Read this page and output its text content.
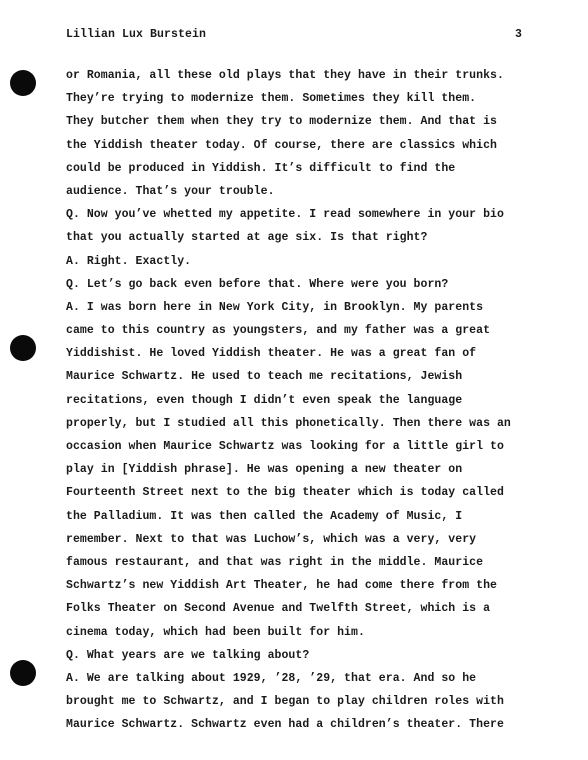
Lillian Lux Burstein	3
or Romania, all these old plays that they have in their trunks.
They’re trying to modernize them. Sometimes they kill them.
They butcher them when they try to modernize them. And that is
the Yiddish theater today. Of course, there are classics which
could be produced in Yiddish. It’s difficult to find the
audience. That’s your trouble.
Q. Now you’ve whetted my appetite. I read somewhere in your bio
that you actually started at age six. Is that right?
A. Right. Exactly.
Q. Let’s go back even before that. Where were you born?
A. I was born here in New York City, in Brooklyn. My parents
came to this country as youngsters, and my father was a great
Yiddishist. He loved Yiddish theater. He was a great fan of
Maurice Schwartz. He used to teach me recitations, Jewish
recitations, even though I didn’t even speak the language
properly, but I studied all this phonetically. Then there was an
occasion when Maurice Schwartz was looking for a little girl to
play in [Yiddish phrase]. He was opening a new theater on
Fourteenth Street next to the big theater which is today called
the Palladium. It was then called the Academy of Music, I
remember. Next to that was Luchow’s, which was a very, very
famous restaurant, and that was right in the middle. Maurice
Schwartz’s new Yiddish Art Theater, he had come there from the
Folks Theater on Second Avenue and Twelfth Street, which is a
cinema today, which had been built for him.
Q. What years are we talking about?
A. We are talking about 1929, ’28, ’29, that era. And so he
brought me to Schwartz, and I began to play children roles with
Maurice Schwartz. Schwartz even had a children’s theater. There
